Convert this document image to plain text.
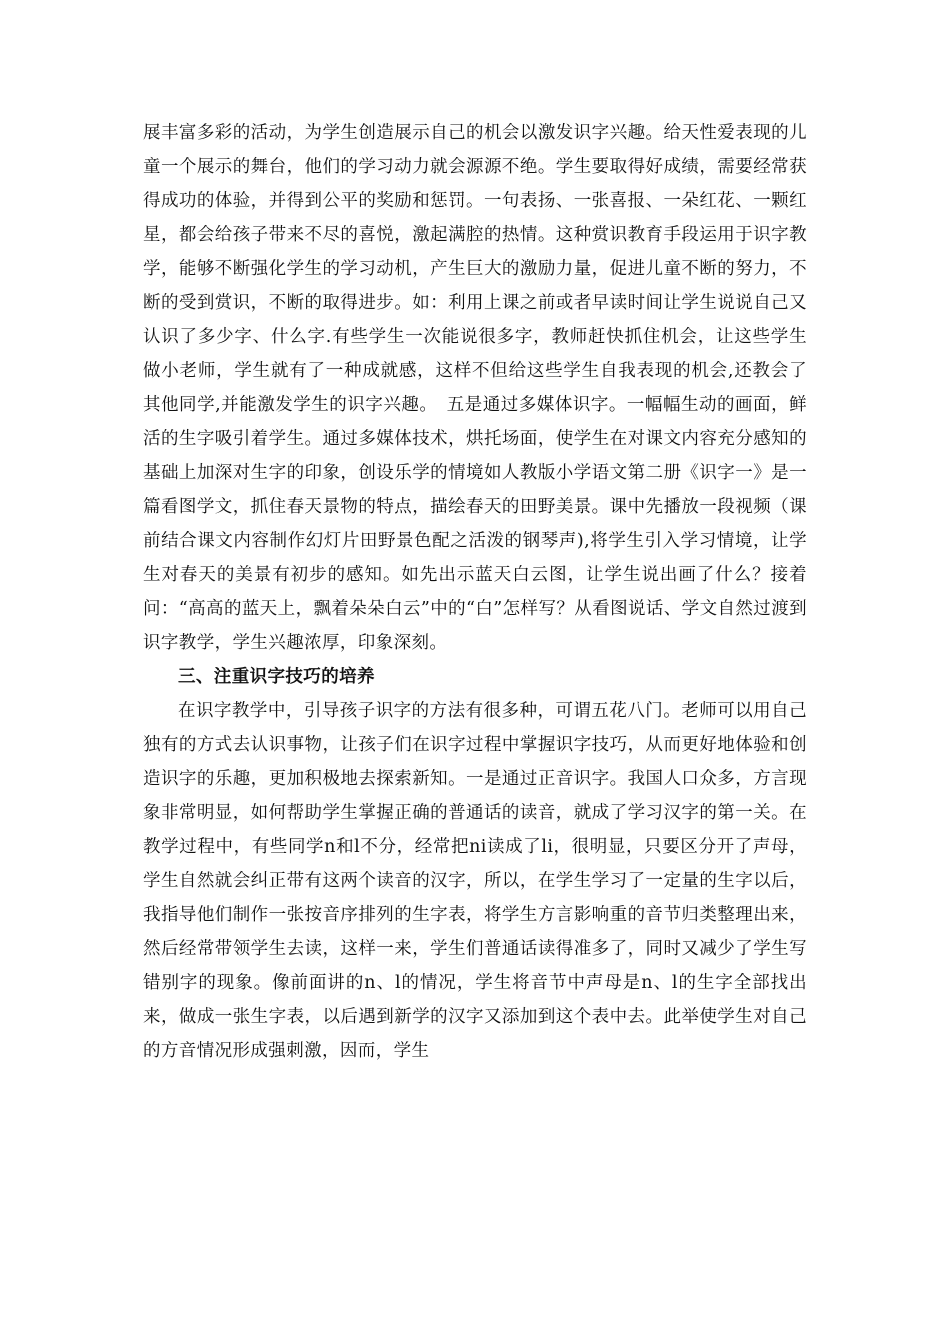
展丰富多彩的活动，为学生创造展示自己的机会以激发识字兴趣。给天性爱表现的儿童一个展示的舞台，他们的学习动力就会源源不绝。学生要取得好成绩，需要经常获得成功的体验，并得到公平的奖励和惩罚。一句表扬、一张喜报、一朵红花、一颗红星，都会给孩子带来不尽的喜悦，激起满腔的热情。这种赏识教育手段运用于识字教学，能够不断强化学生的学习动机，产生巨大的激励力量，促进儿童不断的努力，不断的受到赏识，不断的取得进步。如：利用上课之前或者早读时间让学生说说自己又认识了多少字、什么字.有些学生一次能说很多字，教师赶快抓住机会，让这些学生做小老师，学生就有了一种成就感，这样不但给这些学生自我表现的机会,还教会了其他同学,并能激发学生的识字兴趣。　五是通过多媒体识字。一幅幅生动的画面，鲜活的生字吸引着学生。通过多媒体技术，烘托场面，使学生在对课文内容充分感知的基础上加深对生字的印象，创设乐学的情境如人教版小学语文第二册《识字一》是一篇看图学文，抓住春天景物的特点，描绘春天的田野美景。课中先播放一段视频（课前结合课文内容制作幻灯片田野景色配之活泼的钢琴声),将学生引入学习情境，让学生对春天的美景有初步的感知。如先出示蓝天白云图，让学生说出画了什么？接着问：“高高的蓝天上，飘着朵朵白云”中的“白”怎样写？从看图说话、学文自然过渡到识字教学，学生兴趣浓厚，印象深刻。

三、注重识字技巧的培养

在识字教学中，引导孩子识字的方法有很多种，可谓五花八门。老师可以用自己独有的方式去认识事物，让孩子们在识字过程中掌握识字技巧，从而更好地体验和创造识字的乐趣，更加积极地去探索新知。一是通过正音识字。我国人口众多，方言现象非常明显，如何帮助学生掌握正确的普通话的读音，就成了学习汉字的第一关。在教学过程中，有些同学n和l不分，经常把ni读成了li，很明显，只要区分开了声母，学生自然就会纠正带有这两个读音的汉字，所以，在学生学习了一定量的生字以后，我指导他们制作一张按音序排列的生字表，将学生方言影响重的音节归类整理出来，然后经常带领学生去读，这样一来，学生们普通话读得准多了，同时又减少了学生写错别字的现象。像前面讲的n、l的情况，学生将音节中声母是n、l的生字全部找出来，做成一张生字表，以后遇到新学的汉字又添加到这个表中去。此举使学生对自己的方音情况形成强刺激，因而，学生
